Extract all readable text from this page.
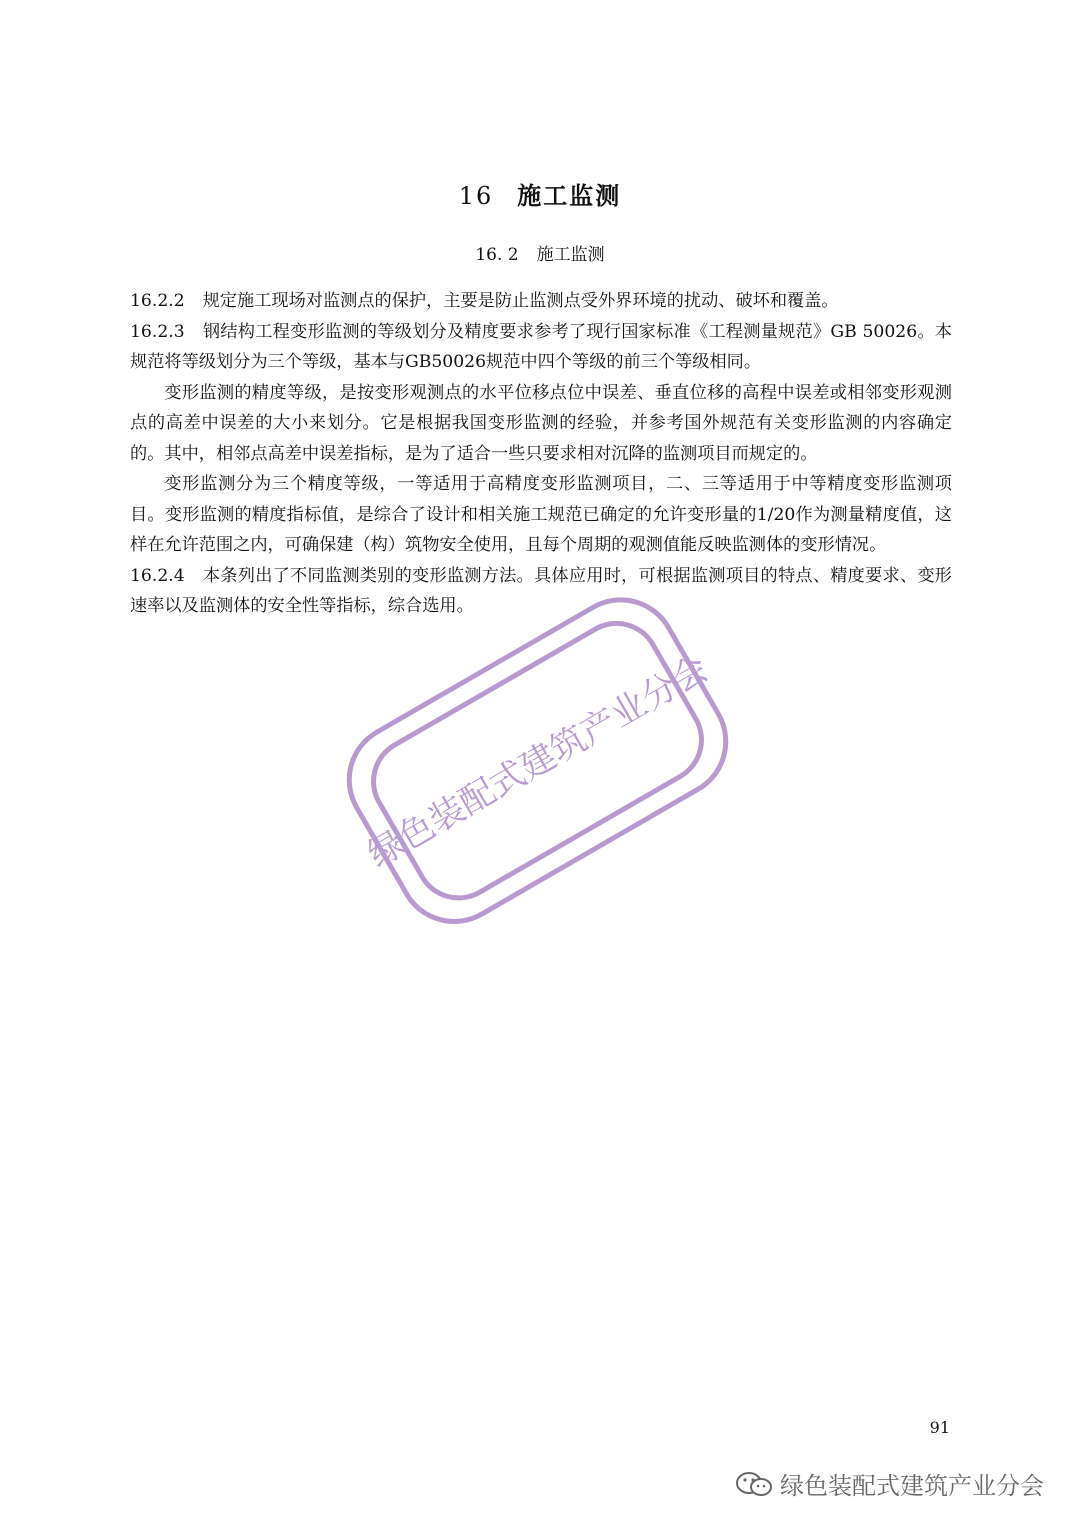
16 施工监测
16. 2 施工监测

16.2.2 规定施工现场对监测点的保护，主要是防止监测点受外界环境的扰动、破坏和覆盖。

16.2.3 钢结构工程变形监测的等级划分及精度要求参考了现行国家标准《工程测量规范》GB 50026。本规范将等级划分为三个等级，基本与GB50026规范中四个等级的前三个等级相同。

变形监测的精度等级，是按变形观测点的水平位移点位中误差、垂直位移的高程中误差或相邻变形观测点的高差中误差的大小来划分。它是根据我国变形监测的经验，并参考国外规范有关变形监测的内容确定的。其中，相邻点高差中误差指标，是为了适合一些只要求相对沉降的监测项目而规定的。

变形监测分为三个精度等级，一等适用于高精度变形监测项目，二、三等适用于中等精度变形监测项目。变形监测的精度指标值，是综合了设计和相关施工规范已确定的允许变形量的1/20作为测量精度值，这样在允许范围之内，可确保建（构）筑物安全使用，且每个周期的观测值能反映监测体的变形情况。

16.2.4 本条列出了不同监测类别的变形监测方法。具体应用时，可根据监测项目的特点、精度要求、变形速率以及监测体的安全性等指标，综合选用。

绿色装配式建筑产业分会
91
绿色装配式建筑产业分会
